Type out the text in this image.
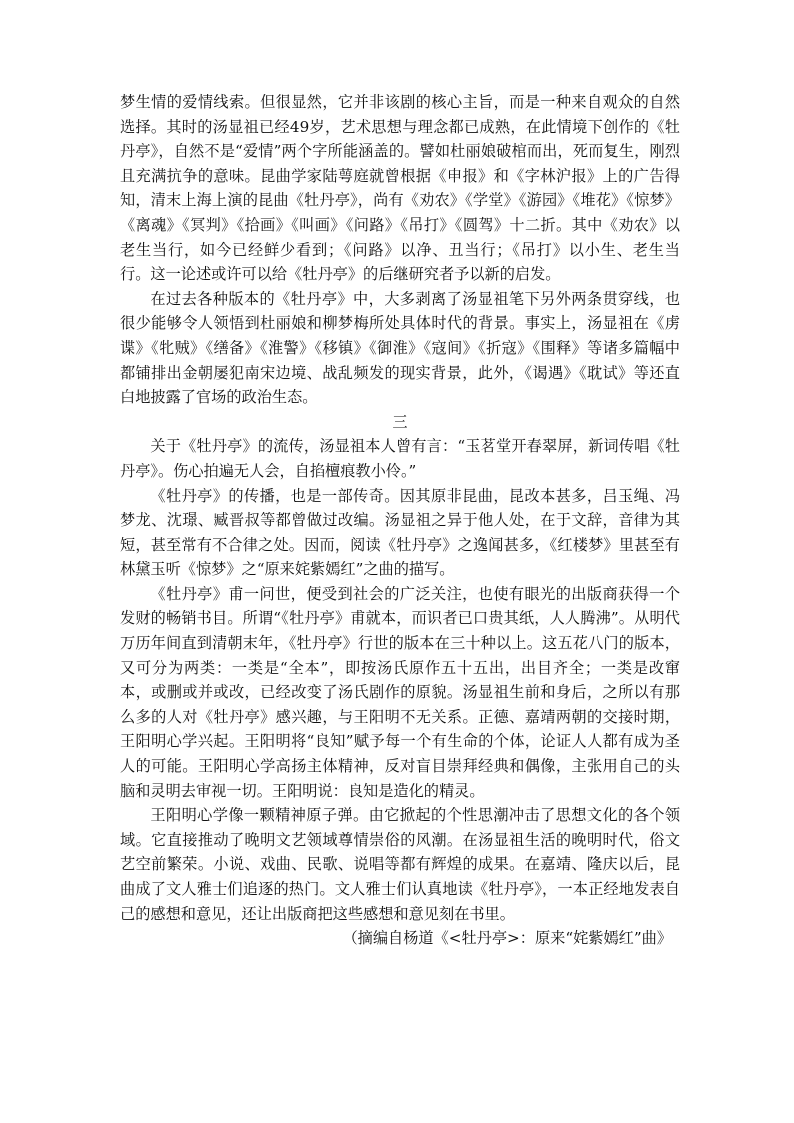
梦生情的爱情线索。但很显然，它并非该剧的核心主旨，而是一种来自观众的自然选择。其时的汤显祖已经49岁，艺术思想与理念都已成熟，在此情境下创作的《牡丹亭》，自然不是“爱情”两个字所能涵盖的。譬如杜丽娘破棺而出，死而复生，刚烈且充满抗争的意味。昆曲学家陆萼庭就曾根据《申报》和《字林沪报》上的广告得知，清末上海上演的昆曲《牡丹亭》，尚有《劝农》《学堂》《游园》《堆花》《惊梦》《离魂》《冥判》《拾画》《叫画》《问路》《吊打》《圆驾》十二折。其中《劝农》以老生当行，如今已经鲜少看到；《问路》以净、丑当行；《吊打》以小生、老生当行。这一论述或许可以给《牡丹亭》的后继研究者予以新的启发。

在过去各种版本的《牡丹亭》中，大多剥离了汤显祖笔下另外两条贯穿线，也很少能够令人领悟到杜丽娘和柳梦梅所处具体时代的背景。事实上，汤显祖在《虏谍》《牝贼》《缮备》《淮警》《移镇》《御淮》《寇间》《折寇》《围释》等诸多篇幅中都铺排出金朝屡犯南宋边境、战乱频发的现实背景，此外，《谒遇》《耽试》等还直白地披露了官场的政治生态。

三

关于《牡丹亭》的流传，汤显祖本人曾有言：“玉茗堂开春翠屏，新词传唱《牡丹亭》。伤心拍遍无人会，自掐檀痕教小伶。”

《牡丹亭》的传播，也是一部传奇。因其原非昆曲，昆改本甚多，吕玉绳、冯梦龙、沈璟、臧晋叔等都曾做过改编。汤显祖之异于他人处，在于文辞，音律为其短，甚至常有不合律之处。因而，阅读《牡丹亭》之逸闻甚多，《红楼梦》里甚至有林黛玉听《惊梦》之“原来姹紫嫣红”之曲的描写。

《牡丹亭》甫一问世，便受到社会的广泛关注，也使有眼光的出版商获得一个发财的畅销书目。所谓“《牡丹亭》甫就本，而识者已口贵其纸，人人腾沸”。从明代万历年间直到清朝末年，《牡丹亭》行世的版本在三十种以上。这五花八门的版本，又可分为两类：一类是“全本”，即按汤氏原作五十五出，出目齐全；一类是改窜本，或删或并或改，已经改变了汤氏剧作的原貌。汤显祖生前和身后，之所以有那么多的人对《牡丹亭》感兴趣，与王阳明不无关系。正德、嘉靖两朝的交接时期，王阳明心学兴起。王阳明将“良知”赋予每一个有生命的个体，论证人人都有成为圣人的可能。王阳明心学高扬主体精神，反对盲目崇拜经典和偶像，主张用自己的头脑和灵明去审视一切。王阳明说：良知是造化的精灵。

王阳明心学像一颗精神原子弹。由它掀起的个性思潮冲击了思想文化的各个领域。它直接推动了晚明文艺领域尊情崇俗的风潮。在汤显祖生活的晚明时代，俗文艺空前繁荣。小说、戏曲、民歌、说唱等都有辉煌的成果。在嘉靖、隆庆以后，昆曲成了文人雅士们追逐的热门。文人雅士们认真地读《牡丹亭》，一本正经地发表自己的感想和意见，还让出版商把这些感想和意见刻在书里。

（摘编自杨道《<牡丹亭>：原来“姹紫嫣红”曲》
